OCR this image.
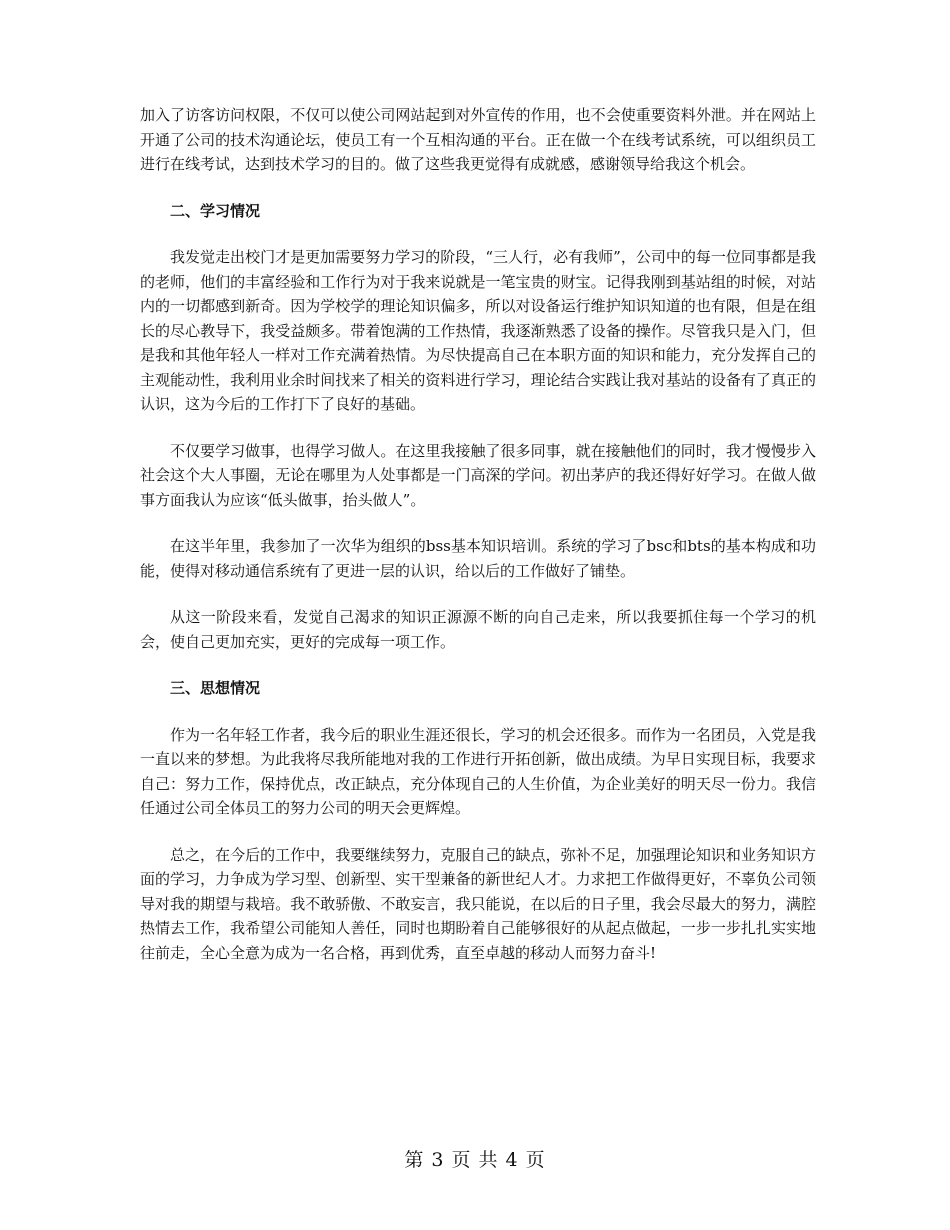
加入了访客访问权限，不仅可以使公司网站起到对外宣传的作用，也不会使重要资料外泄。并在网站上开通了公司的技术沟通论坛，使员工有一个互相沟通的平台。正在做一个在线考试系统，可以组织员工进行在线考试，达到技术学习的目的。做了这些我更觉得有成就感，感谢领导给我这个机会。

二、学习情况

我发觉走出校门才是更加需要努力学习的阶段，“三人行，必有我师”，公司中的每一位同事都是我的老师，他们的丰富经验和工作行为对于我来说就是一笔宝贵的财宝。记得我刚到基站组的时候，对站内的一切都感到新奇。因为学校学的理论知识偏多，所以对设备运行维护知识知道的也有限，但是在组长的尽心教导下，我受益颇多。带着饱满的工作热情，我逐渐熟悉了设备的操作。尽管我只是入门，但是我和其他年轻人一样对工作充满着热情。为尽快提高自己在本职方面的知识和能力，充分发挥自己的主观能动性，我利用业余时间找来了相关的资料进行学习，理论结合实践让我对基站的设备有了真正的认识，这为今后的工作打下了良好的基础。

不仅要学习做事，也得学习做人。在这里我接触了很多同事，就在接触他们的同时，我才慢慢步入社会这个大人事圈，无论在哪里为人处事都是一门高深的学问。初出茅庐的我还得好好学习。在做人做事方面我认为应该“低头做事，抬头做人”。

在这半年里，我参加了一次华为组织的bss基本知识培训。系统的学习了bsc和bts的基本构成和功能，使得对移动通信系统有了更进一层的认识，给以后的工作做好了铺垫。

从这一阶段来看，发觉自己渴求的知识正源源不断的向自己走来，所以我要抓住每一个学习的机会，使自己更加充实，更好的完成每一项工作。

三、思想情况

作为一名年轻工作者，我今后的职业生涯还很长，学习的机会还很多。而作为一名团员，入党是我一直以来的梦想。为此我将尽我所能地对我的工作进行开拓创新，做出成绩。为早日实现目标，我要求自己：努力工作，保持优点，改正缺点，充分体现自己的人生价值，为企业美好的明天尽一份力。我信任通过公司全体员工的努力公司的明天会更辉煌。

总之，在今后的工作中，我要继续努力，克服自己的缺点，弥补不足，加强理论知识和业务知识方面的学习，力争成为学习型、创新型、实干型兼备的新世纪人才。力求把工作做得更好，不辜负公司领导对我的期望与栽培。我不敢骄傲、不敢妄言，我只能说，在以后的日子里，我会尽最大的努力，满腔热情去工作，我希望公司能知人善任，同时也期盼着自己能够很好的从起点做起，一步一步扎扎实实地往前走，全心全意为成为一名合格，再到优秀，直至卓越的移动人而努力奋斗!

第 3 页 共 4 页
